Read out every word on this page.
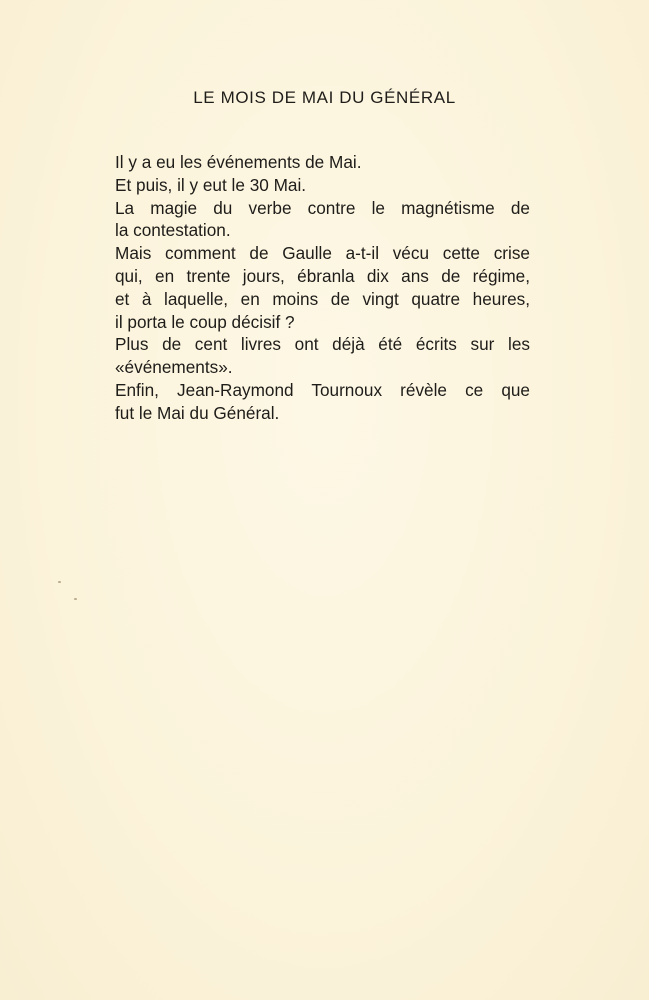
LE MOIS DE MAI DU GÉNÉRAL
Il y a eu les événements de Mai.
Et puis, il y eut le 30 Mai.
La magie du verbe contre le magnétisme de
la contestation.
Mais comment de Gaulle a-t-il vécu cette crise
qui, en trente jours, ébranla dix ans de régime,
et à laquelle, en moins de vingt quatre heures,
il porta le coup décisif ?
Plus de cent livres ont déjà été écrits sur les
«événements».
Enfin, Jean-Raymond Tournoux révèle ce que
fut le Mai du Général.
